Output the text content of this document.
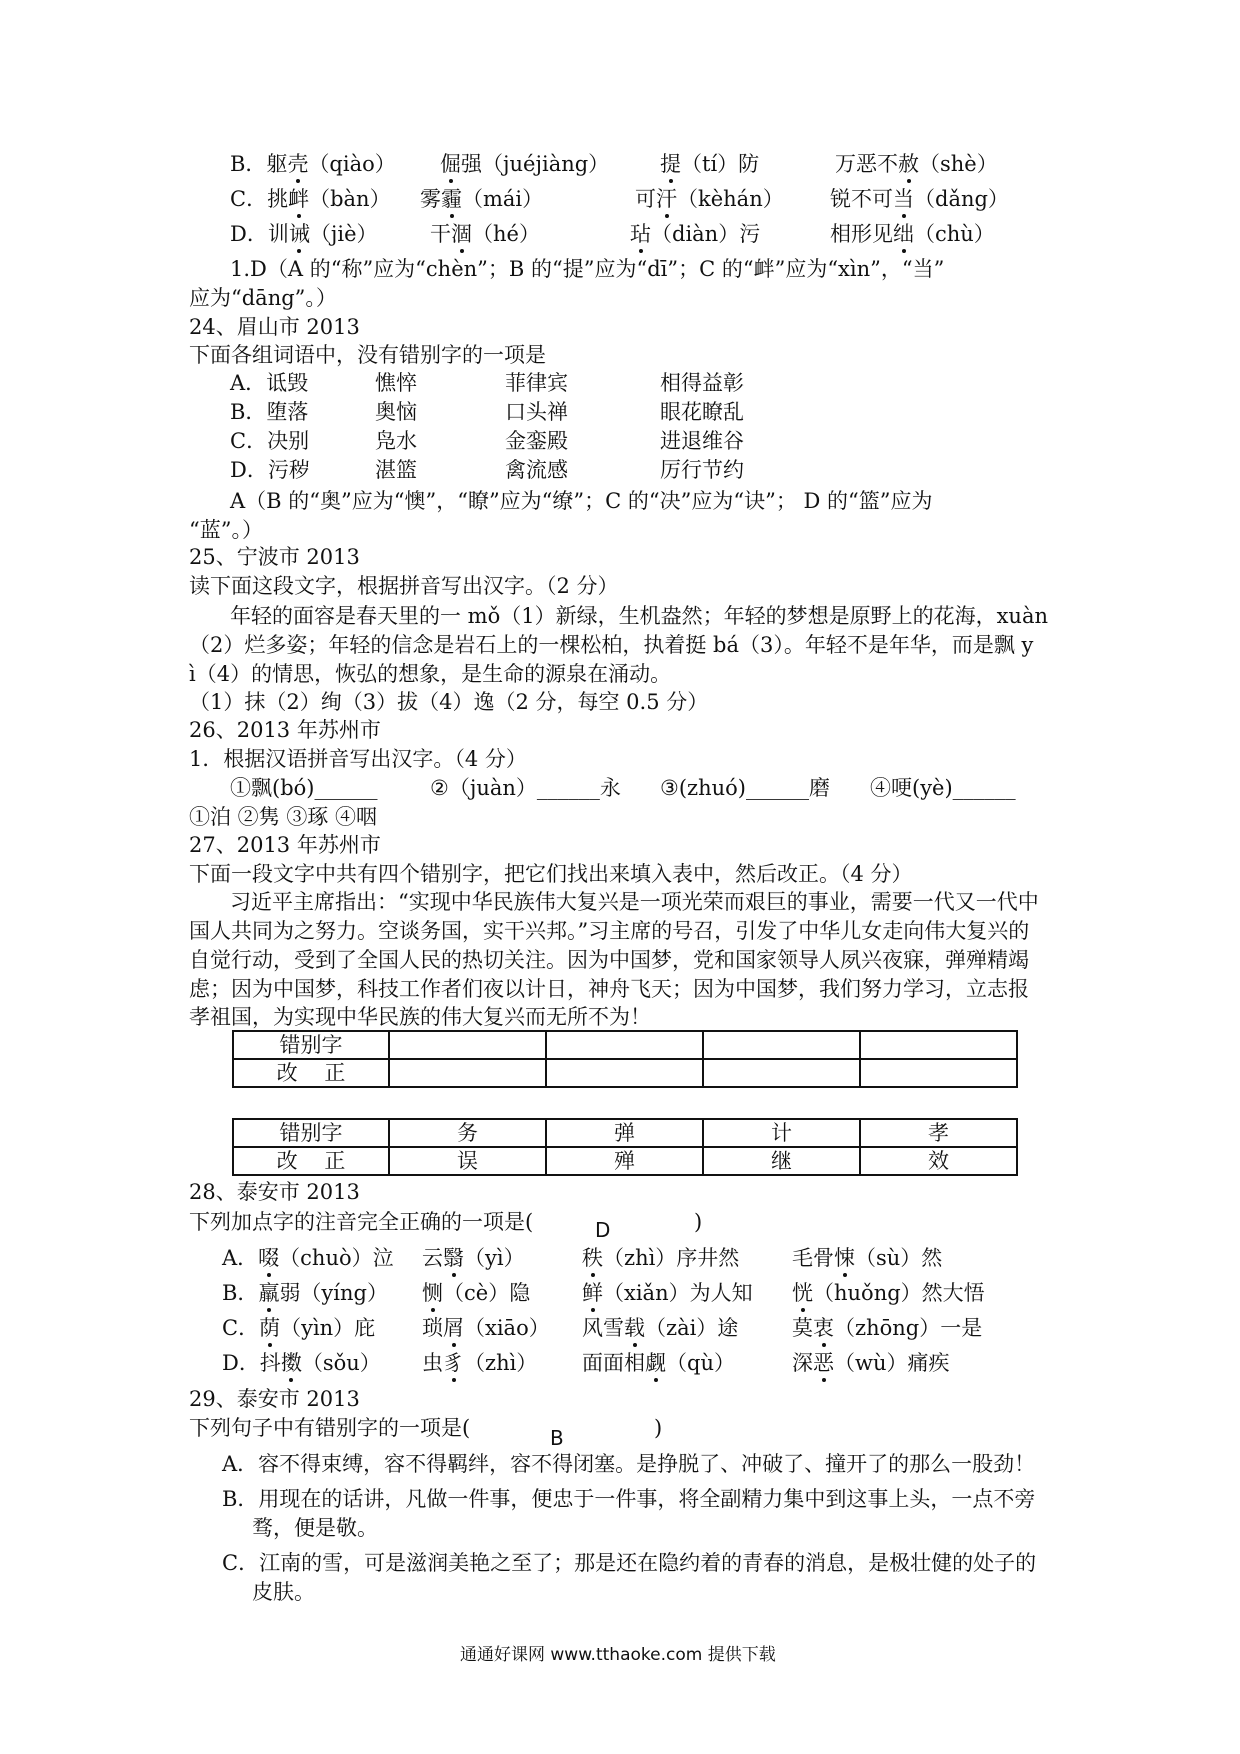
B．躯壳（qiào） 倔强（juéjiàng） 提（tí）防	万恶不赦（shè）
C．挑衅（bàn） 雾霾（mái）	可汗（kèhán） 锐不可当（dǎng）
D．训诫（jiè）	干涸（hé）	玷（diàn）污	相形见绌（chù）
1.D（A 的“称”应为“chèn”；B 的“提”应为“dī”；C 的“衅”应为“xìn”，“当”
应为“dāng”。）
24、眉山市 2013
下面各组词语中，没有错别字的一项是
A．诋毁	憔悴	菲律宾	相得益彰
B．堕落	奥恼	口头禅	眼花瞭乱
C．决别	凫水	金銮殿	进退维谷
D．污秽	湛篮	禽流感	厉行节约
A（B 的“奥”应为“懊”，“瞭”应为“缭”；C 的“决”应为“诀”； D 的“篮”应为
“蓝”。）
25、宁波市 2013
读下面这段文字，根据拼音写出汉字。（2 分）
年轻的面容是春天里的一 mǒ（1）新绿，生机盎然；年轻的梦想是原野上的花海，xuàn
（2）烂多姿；年轻的信念是岩石上的一棵松柏，执着挺 bá（3）。年轻不是年华，而是飘 y
ì（4）的情思，恢弘的想象，是生命的源泉在涌动。
（1）抹（2）绚（3）拔（4）逸（2 分，每空 0.5 分）
26、2013 年苏州市
1．根据汉语拼音写出汉字。（4 分）
①飘(bó)______	②（juàn）______永 ③(zhuó)______磨 ④哽(yè)______
①泊 ②隽 ③琢 ④咽
27、2013 年苏州市
下面一段文字中共有四个错别字，把它们找出来填入表中，然后改正。（4 分）
习近平主席指出：“实现中华民族伟大复兴是一项光荣而艰巨的事业，需要一代又一代中
国人共同为之努力。空谈务国，实干兴邦。”习主席的号召，引发了中华儿女走向伟大复兴的
自觉行动，受到了全国人民的热切关注。因为中国梦，党和国家领导人夙兴夜寐，弹殚精竭
虑；因为中国梦，科技工作者们夜以计日，神舟飞天；因为中国梦，我们努力学习，立志报
孝祖国，为实现中华民族的伟大复兴而无所不为！
错别字				
改    正				
错别字	务	弹	计	孝
改    正	误	殚	继	效
28、泰安市 2013
下列加点字的注音完全正确的一项是(	)
D
A．啜（chuò）泣 云翳（yì）	秩（zhì）序井然	毛骨悚（sù）然
B．羸弱（yíng） 恻（cè）隐 鲜（xiǎn）为人知 恍（huǒng）然大悟
C．荫（yìn）庇 琐屑（xiāo） 风雪载（zài）途	莫衷（zhōng）一是
D．抖擞（sǒu） 虫豸（zhì） 面面相觑（qù）	深恶（wù）痛疾
29、泰安市 2013
下列句子中有错别字的一项是(	)
B
A．容不得束缚，容不得羁绊，容不得闭塞。是挣脱了、冲破了、撞开了的那么一股劲！
B．用现在的话讲，凡做一件事，便忠于一件事，将全副精力集中到这事上头，一点不旁
骛，便是敬。
C．江南的雪，可是滋润美艳之至了；那是还在隐约着的青春的消息，是极壮健的处子的
皮肤。
通通好课网 www.tthaoke.com 提供下载
